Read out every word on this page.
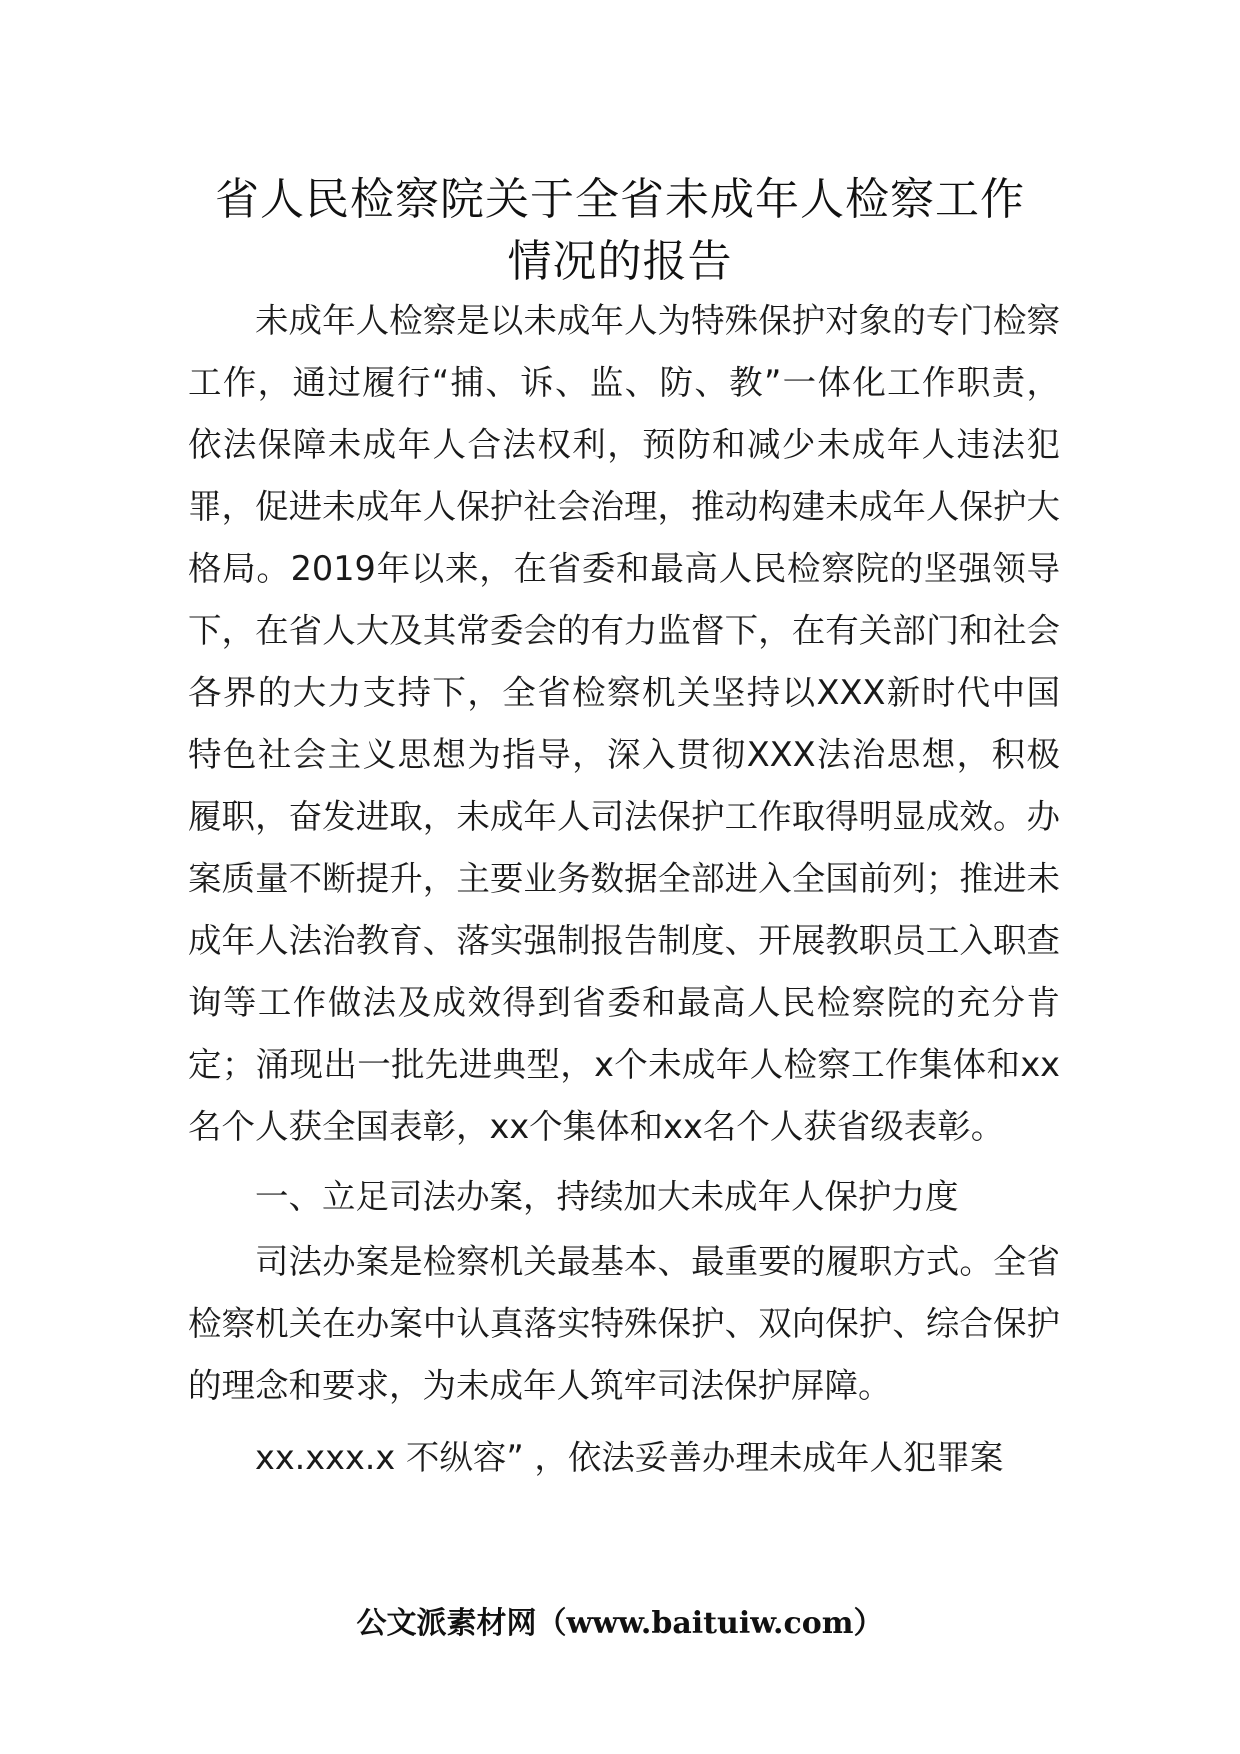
省人民检察院关于全省未成年人检察工作
情况的报告

未成年人检察是以未成年人为特殊保护对象的专门检察工作，通过履行“捕、诉、监、防、教”一体化工作职责，依法保障未成年人合法权利，预防和减少未成年人违法犯罪，促进未成年人保护社会治理，推动构建未成年人保护大格局。2019年以来，在省委和最高人民检察院的坚强领导下，在省人大及其常委会的有力监督下，在有关部门和社会各界的大力支持下，全省检察机关坚持以XXX新时代中国特色社会主义思想为指导，深入贯彻XXX法治思想，积极履职，奋发进取，未成年人司法保护工作取得明显成效。办案质量不断提升，主要业务数据全部进入全国前列；推进未成年人法治教育、落实强制报告制度、开展教职员工入职查询等工作做法及成效得到省委和最高人民检察院的充分肯定；涌现出一批先进典型，x个未成年人检察工作集体和xx名个人获全国表彰，xx个集体和xx名个人获省级表彰。

一、立足司法办案，持续加大未成年人保护力度

司法办案是检察机关最基本、最重要的履职方式。全省检察机关在办案中认真落实特殊保护、双向保护、综合保护的理念和要求，为未成年人筑牢司法保护屏障。

xx.xxx.x 不纵容” ，依法妥善办理未成年人犯罪案

公文派素材网（www.baituiw.com）
